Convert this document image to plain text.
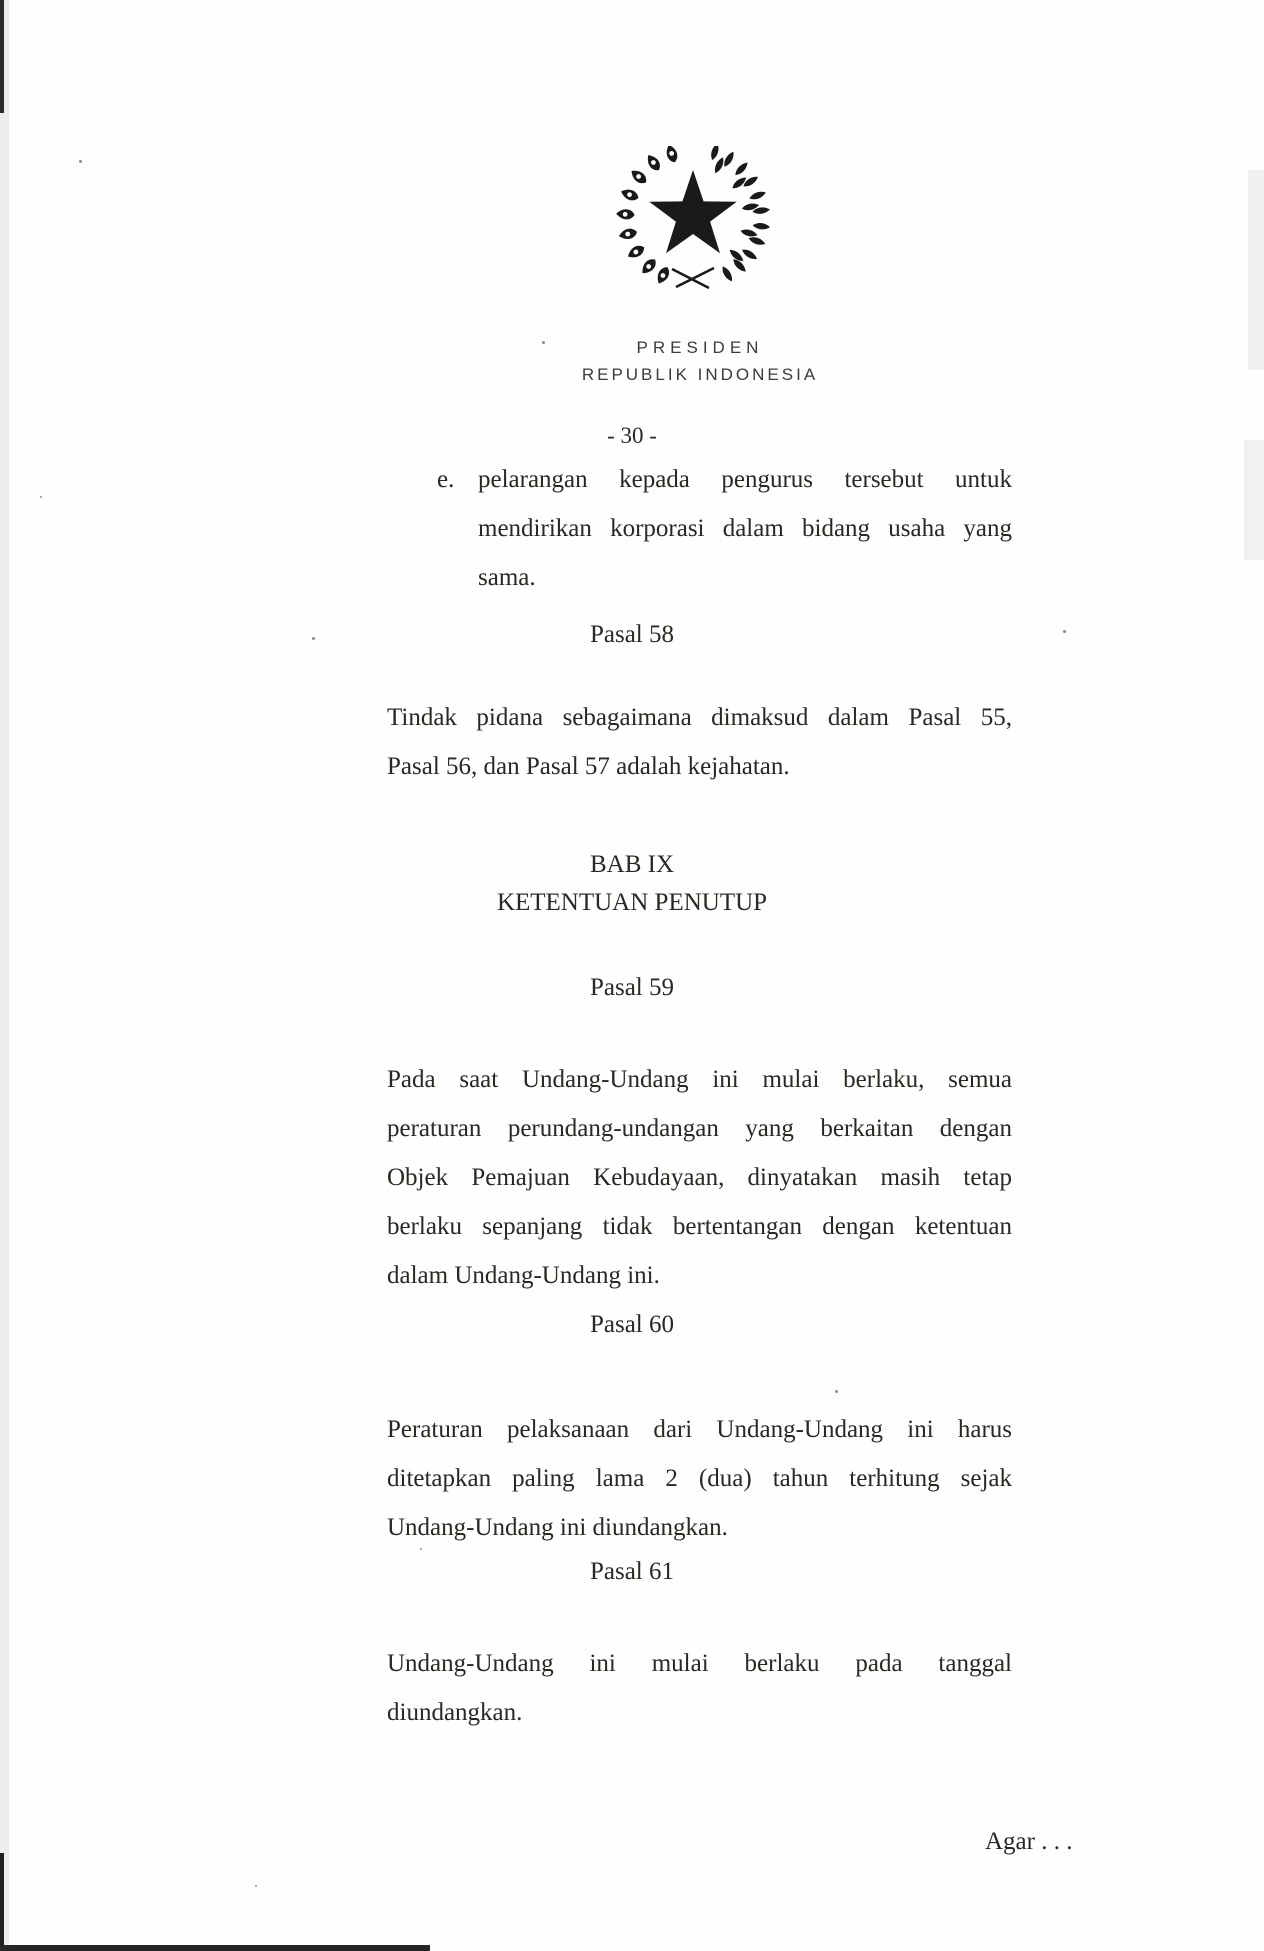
PRESIDEN
REPUBLIK INDONESIA
- 30 -
e. pelarangan kepada pengurus tersebut untuk
mendirikan korporasi dalam bidang usaha yang
sama.
Pasal 58
Tindak pidana sebagaimana dimaksud dalam Pasal 55,
Pasal 56, dan Pasal 57 adalah kejahatan.
BAB IX
KETENTUAN PENUTUP
Pasal 59
Pada saat Undang-Undang ini mulai berlaku, semua
peraturan perundang-undangan yang berkaitan dengan
Objek Pemajuan Kebudayaan, dinyatakan masih tetap
berlaku sepanjang tidak bertentangan dengan ketentuan
dalam Undang-Undang ini.
Pasal 60
Peraturan pelaksanaan dari Undang-Undang ini harus
ditetapkan paling lama 2 (dua) tahun terhitung sejak
Undang-Undang ini diundangkan.
Pasal 61
Undang-Undang ini mulai berlaku pada tanggal
diundangkan.
Agar . . .
